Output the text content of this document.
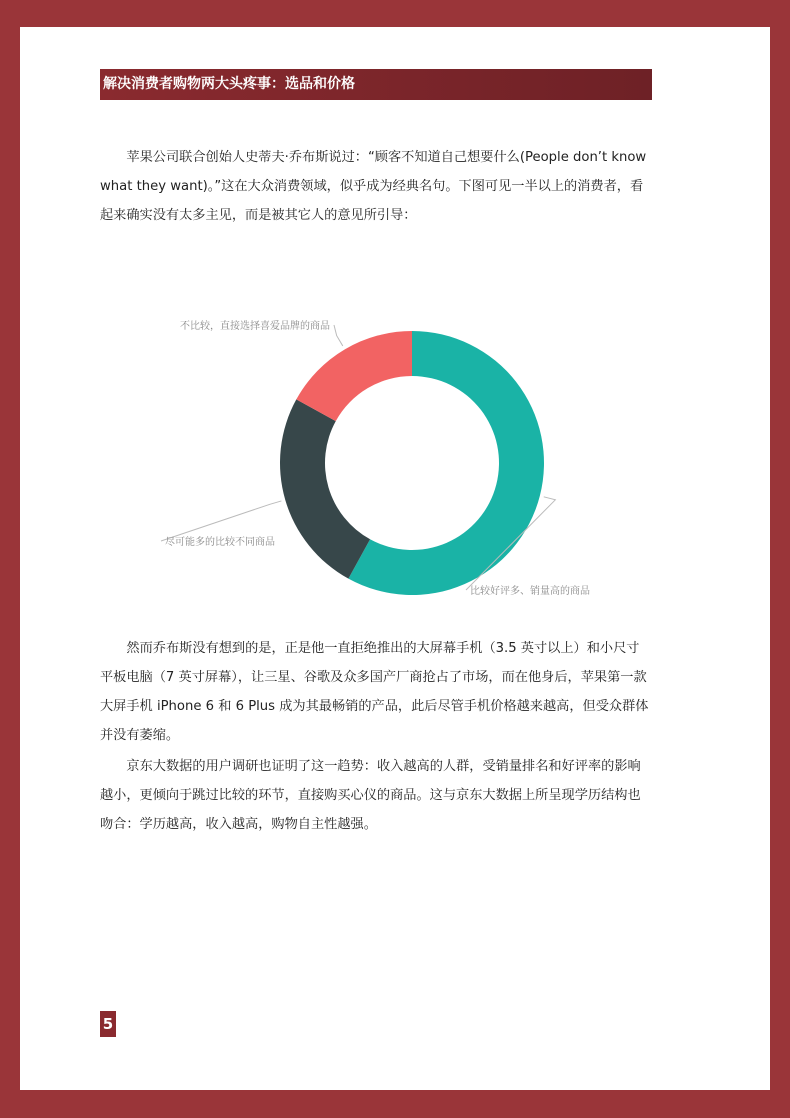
解决消费者购物两大头疼事：选品和价格

苹果公司联合创始人史蒂夫·乔布斯说过：“顾客不知道自己想要什么(People don’t know what they want)。”这在大众消费领域，似乎成为经典名句。下图可见一半以上的消费者，看起来确实没有太多主见，而是被其它人的意见所引导：

比较好评多、销量高的商品
尽可能多的比较不同商品
不比较，直接选择喜爱品牌的商品

然而乔布斯没有想到的是，正是他一直拒绝推出的大屏幕手机（3.5 英寸以上）和小尺寸平板电脑（7 英寸屏幕），让三星、谷歌及众多国产厂商抢占了市场，而在他身后，苹果第一款大屏手机 iPhone 6 和 6 Plus 成为其最畅销的产品，此后尽管手机价格越来越高，但受众群体并没有萎缩。

京东大数据的用户调研也证明了这一趋势：收入越高的人群，受销量排名和好评率的影响越小，更倾向于跳过比较的环节，直接购买心仪的商品。这与京东大数据上所呈现学历结构也吻合：学历越高，收入越高，购物自主性越强。

5
